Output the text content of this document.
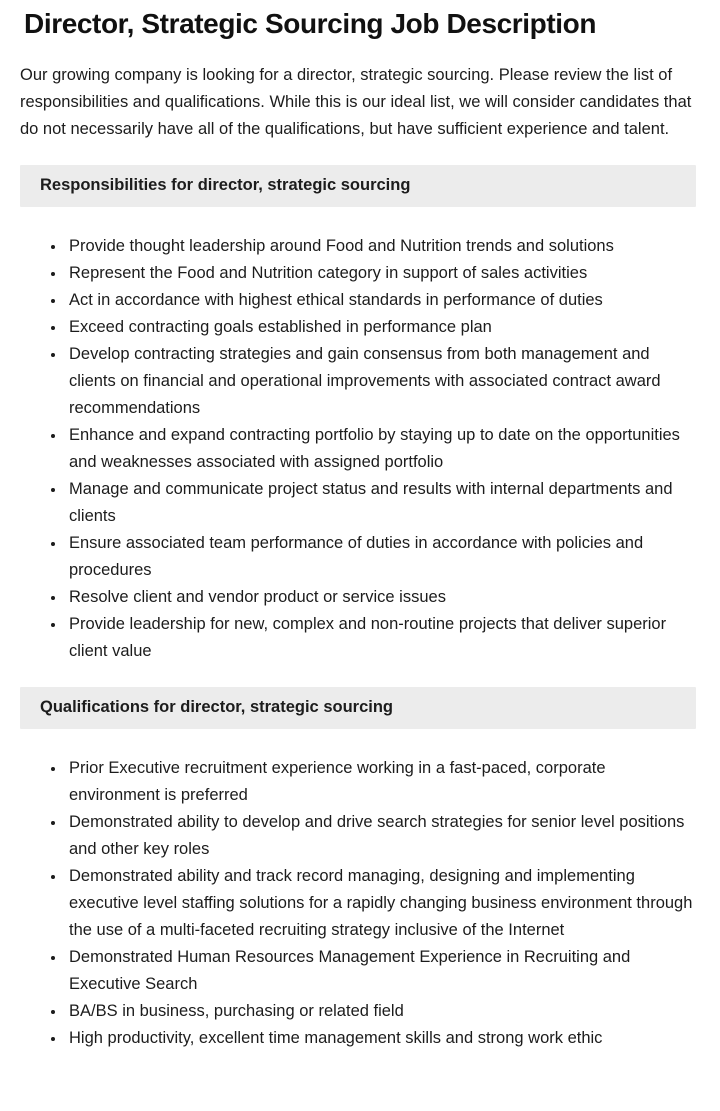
Director, Strategic Sourcing Job Description

Our growing company is looking for a director, strategic sourcing. Please review the list of responsibilities and qualifications. While this is our ideal list, we will consider candidates that do not necessarily have all of the qualifications, but have sufficient experience and talent.

Responsibilities for director, strategic sourcing
• Provide thought leadership around Food and Nutrition trends and solutions
• Represent the Food and Nutrition category in support of sales activities
• Act in accordance with highest ethical standards in performance of duties
• Exceed contracting goals established in performance plan
• Develop contracting strategies and gain consensus from both management and clients on financial and operational improvements with associated contract award recommendations
• Enhance and expand contracting portfolio by staying up to date on the opportunities and weaknesses associated with assigned portfolio
• Manage and communicate project status and results with internal departments and clients
• Ensure associated team performance of duties in accordance with policies and procedures
• Resolve client and vendor product or service issues
• Provide leadership for new, complex and non-routine projects that deliver superior client value
Qualifications for director, strategic sourcing
• Prior Executive recruitment experience working in a fast-paced, corporate environment is preferred
• Demonstrated ability to develop and drive search strategies for senior level positions and other key roles
• Demonstrated ability and track record managing, designing and implementing executive level staffing solutions for a rapidly changing business environment through the use of a multi-faceted recruiting strategy inclusive of the Internet
• Demonstrated Human Resources Management Experience in Recruiting and Executive Search
• BA/BS in business, purchasing or related field
• High productivity, excellent time management skills and strong work ethic
